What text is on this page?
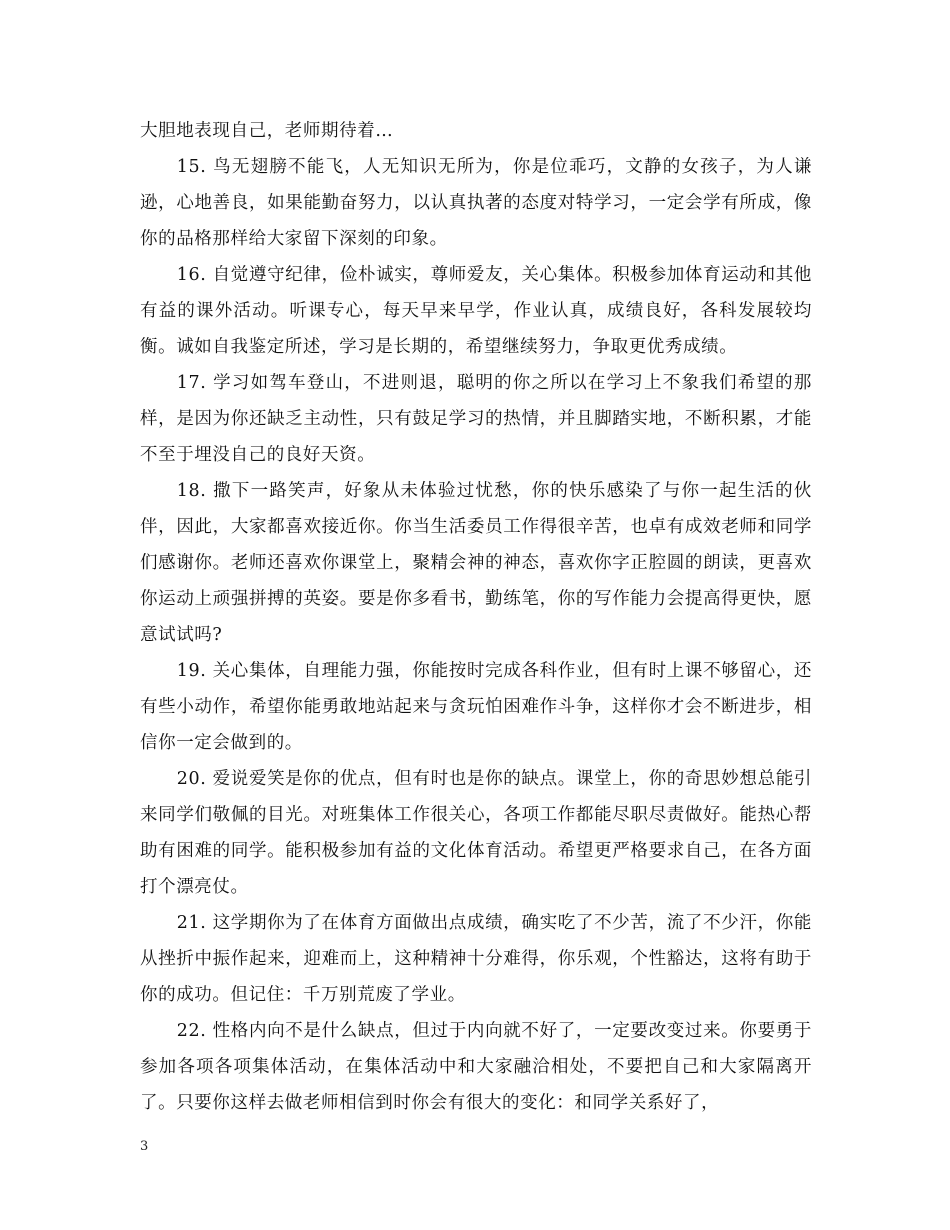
大胆地表现自己，老师期待着…

15. 鸟无翅膀不能飞，人无知识无所为，你是位乖巧，文静的女孩子，为人谦逊，心地善良，如果能勤奋努力，以认真执著的态度对特学习，一定会学有所成，像你的品格那样给大家留下深刻的印象。

16. 自觉遵守纪律，俭朴诚实，尊师爱友，关心集体。积极参加体育运动和其他有益的课外活动。听课专心，每天早来早学，作业认真，成绩良好，各科发展较均衡。诚如自我鉴定所述，学习是长期的，希望继续努力，争取更优秀成绩。

17. 学习如驾车登山，不进则退，聪明的你之所以在学习上不象我们希望的那样，是因为你还缺乏主动性，只有鼓足学习的热情，并且脚踏实地，不断积累，才能不至于埋没自己的良好天资。

18. 撒下一路笑声，好象从未体验过忧愁，你的快乐感染了与你一起生活的伙伴，因此，大家都喜欢接近你。你当生活委员工作得很辛苦，也卓有成效老师和同学们感谢你。老师还喜欢你课堂上，聚精会神的神态，喜欢你字正腔圆的朗读，更喜欢你运动上顽强拼搏的英姿。要是你多看书，勤练笔，你的写作能力会提高得更快，愿意试试吗?

19. 关心集体，自理能力强，你能按时完成各科作业，但有时上课不够留心，还有些小动作，希望你能勇敢地站起来与贪玩怕困难作斗争，这样你才会不断进步，相信你一定会做到的。

20. 爱说爱笑是你的优点，但有时也是你的缺点。课堂上，你的奇思妙想总能引来同学们敬佩的目光。对班集体工作很关心，各项工作都能尽职尽责做好。能热心帮助有困难的同学。能积极参加有益的文化体育活动。希望更严格要求自己，在各方面打个漂亮仗。

21. 这学期你为了在体育方面做出点成绩，确实吃了不少苦，流了不少汗，你能从挫折中振作起来，迎难而上，这种精神十分难得，你乐观，个性豁达，这将有助于你的成功。但记住：千万别荒废了学业。

22. 性格内向不是什么缺点，但过于内向就不好了，一定要改变过来。你要勇于参加各项各项集体活动，在集体活动中和大家融洽相处，不要把自己和大家隔离开了。只要你这样去做老师相信到时你会有很大的变化：和同学关系好了，

3
